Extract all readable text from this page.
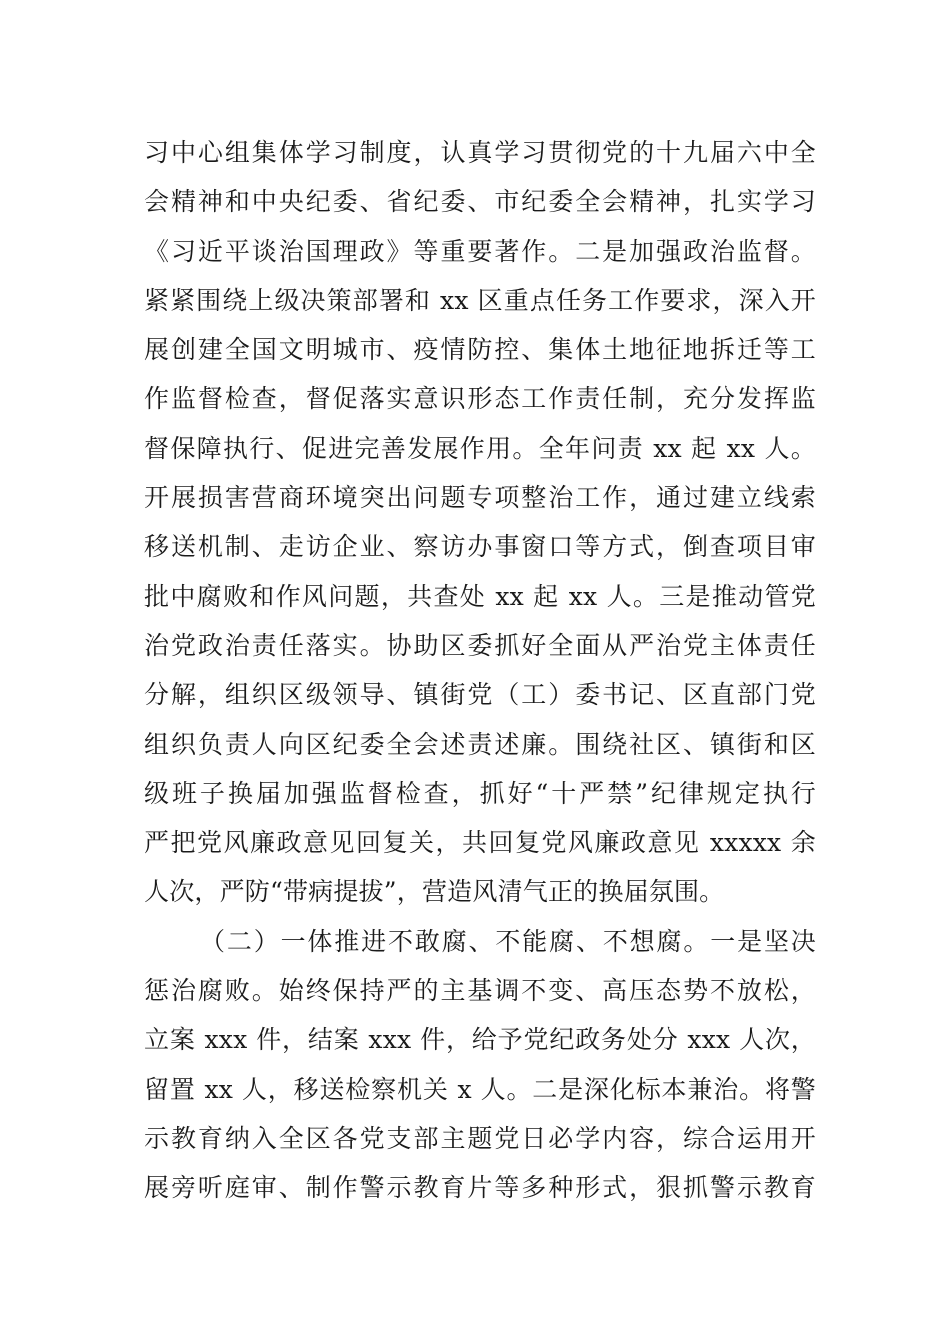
习中心组集体学习制度，认真学习贯彻党的十九届六中全
会精神和中央纪委、省纪委、市纪委全会精神，扎实学习
《习近平谈治国理政》等重要著作。二是加强政治监督。
紧紧围绕上级决策部署和 xx 区重点任务工作要求，深入开
展创建全国文明城市、疫情防控、集体土地征地拆迁等工
作监督检查，督促落实意识形态工作责任制，充分发挥监
督保障执行、促进完善发展作用。全年问责 xx 起 xx 人。
开展损害营商环境突出问题专项整治工作，通过建立线索
移送机制、走访企业、察访办事窗口等方式，倒查项目审
批中腐败和作风问题，共查处 xx 起 xx 人。三是推动管党
治党政治责任落实。协助区委抓好全面从严治党主体责任
分解，组织区级领导、镇街党（工）委书记、区直部门党
组织负责人向区纪委全会述责述廉。围绕社区、镇街和区
级班子换届加强监督检查，抓好“十严禁”纪律规定执行
严把党风廉政意见回复关，共回复党风廉政意见 xxxxx 余
人次，严防“带病提拔”，营造风清气正的换届氛围。
（二）一体推进不敢腐、不能腐、不想腐。一是坚决
惩治腐败。始终保持严的主基调不变、高压态势不放松，
立案 xxx 件，结案 xxx 件，给予党纪政务处分 xxx 人次，
留置 xx 人，移送检察机关 x 人。二是深化标本兼治。将警
示教育纳入全区各党支部主题党日必学内容，综合运用开
展旁听庭审、制作警示教育片等多种形式，狠抓警示教育
